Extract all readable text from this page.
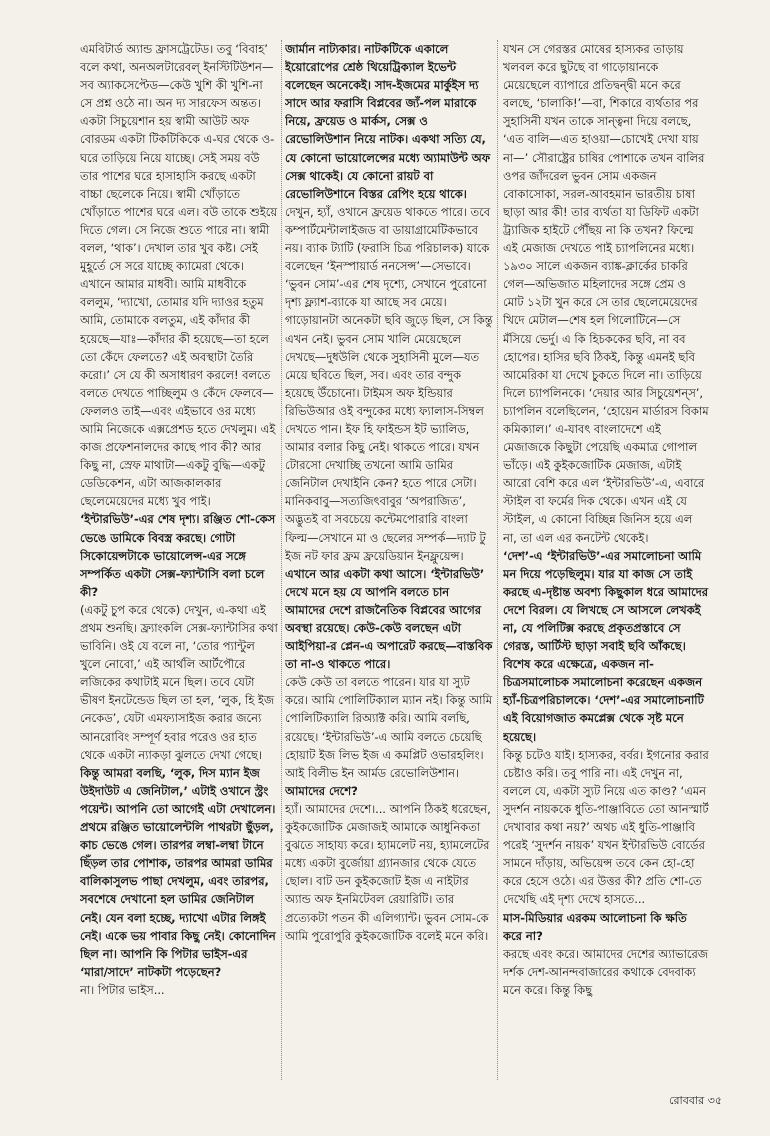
এমবিটার্ড অ্যান্ড ফ্রাসট্রেটেড। তবু ‘বিবাহ’ বলে কথা, অনঅলটারেবল্‌ ইনস্টিটিউশন—সব অ্যাকসেপ্টেড—কেউ খুশি কী খুশি-না সে প্রশ্ন ওঠে না। অন দ্য সারফেস অন্তত। একটা সিচুয়েশান হয় স্বামী আউট অফ বোরডম একটা টিকটিকিকে এ-ঘর থেকে ও-ঘরে তাড়িয়ে নিয়ে যাচ্ছে। সেই সময় বউ তার পাশের ঘরে হাসাহাসি করছে একটা বাচ্চা ছেলেকে নিয়ে। স্বামী খোঁড়াতে খোঁড়াতে পাশের ঘরে এল। বউ তাকে শুইয়ে দিতে গেল। সে নিজে শুতে পারে না। স্বামী বলল, ‘থাক’। দেখাল তার খুব কষ্ট। সেই মুহূর্তে সে সরে যাচ্ছে ক্যামেরা থেকে। এখানে আমার মাধবী। আমি মাধবীকে বললুম, ‘দ্যাখো, তোমার যদি দ্যাওর হতুম আমি, তোমাকে বলতুম, এই কাঁদার কী হয়েছে—যাঃ—কাঁদার কী হয়েছে—তা হলে তো কেঁদে ফেলতে? এই অবস্থাটা তৈরি করো।’ সে যে কী অসাধারণ করলে! বলতে বলতে দেখতে পাচ্ছিলুম ও কেঁদে ফেলবে—ফেললও তাই—এবং এইভাবে ওর মধ্যে আমি নিজেকে এক্সপ্রেশড হতে দেখলুম। এই কাজ প্রফেশনালদের কাছে পাব কী? আর কিছু না, স্রেফ মাথাটা—একটু বুদ্ধি—একটু ডেডিকেশন, এটা আজকালকার ছেলেমেয়েদের মধ্যে খুব পাই।

‘ইন্টারভিউ’-এর শেষ দৃশ্য। রঞ্জিত শো-কেস ভেঙে ডামিকে বিবস্ত্র করছে। গোটা সিকোয়েন্সটাকে ভায়োলেন্স-এর সঙ্গে সম্পর্কিত একটা সেক্স-ফ্যান্টাসি বলা চলে কী?

(একটু চুপ করে থেকে) দেখুন, এ-কথা এই প্রথম শুনছি। ফ্র্যাংকলি সেক্স-ফ্যান্টাসির কথা ভাবিনি। ওই যে বলে না, ‘তোর প্যান্টুল খুলে নোবো,’ এই আর্থলি আর্টপৌরে লজিকের কথাটাই মনে ছিল। তবে যেটা ভীষণ ইনটেন্ডেড ছিল তা হল, ‘লুক, হি ইজ নেকেড’, যেটা এমফ্যাসাইজ করার জন্যে আনরোবিং সম্পূর্ণ হবার পরেও ওর হাত থেকে একটা ন্যাকড়া ঝুলতে দেখা গেছে।

কিন্তু আমরা বলছি, ‘লুক, দিস ম্যান ইজ উইদাউট এ জেনিটাল,’ এটাই ওখানে স্ট্রং পয়েন্ট। আপনি তো আগেই এটা দেখালেন। প্রথমে রঞ্জিত ভায়োলেন্টলি পাথরটা ছুঁড়ল, কাচ ভেঙে গেল। তারপর লম্বা-লম্বা টানে ছিঁড়ল তার পোশাক, তারপর আমরা ডামির বালিকাসুলভ পাছা দেখলুম, এবং তারপর, সবশেষে দেখানো হল ডামির জেনিটাল নেই। যেন বলা হচ্ছে, দ্যাখো এটার লিঙ্গই নেই। একে ভয় পাবার কিছু নেই। কোনোদিন ছিল না। আপনি কি পিটার ভাইস-এর ‘মারা/সাদে’ নাটকটা পড়েছেন?

না। পিটার ভাইস...

জার্মান নাট্যকার। নাটকটিকে একালে ইয়োরোপের শ্রেষ্ঠ থিয়েট্রিক্যাল ইভেন্ট বলেছেন অনেকেই। সাদ-ইজমের মার্কুইস দ্য সাদে আর ফরাসি বিপ্লবের জ্যঁ-পল মারাকে নিয়ে, ফ্রয়েড ও মার্কস, সেক্স ও রেভোলিউশান নিয়ে নাটক। একথা সত্যি যে, যে কোনো ভায়োলেন্সের মধ্যে অ্যামাউন্ট অফ সেক্স থাকেই। যে কোনো রায়ট বা রেভোলিউশানে বিস্তর রেপিং হয়ে থাকে।

দেখুন, হ্যাঁ, ওখানে ফ্রয়েড থাকতে পারে। তবে কম্পার্টমেন্টালাইজড বা ডায়াগ্রামেটিকভাবে নয়। ব্যাক ট্যাটি (ফরাসি চিত্র পরিচালক) যাকে বলেছেন ‘ইনস্পায়ার্ড ননসেন্স’—সেভাবে। ‘ভুবন সোম’-এর শেষ দৃশ্যে, সেখানে পুরোনো দৃশ্য ফ্ল্যাশ-ব্যাকে যা আছে সব মেয়ে। গাড়োয়ানটা অনেকটা ছবি জুড়ে ছিল, সে কিন্তু এখন নেই। ভুবন সোম খালি মেয়েছেলে দেখছে—দুধউলি থেকে সুহাসিনী মুলে—যত মেয়ে ছবিতে ছিল, সব। এবং তার বন্দুক হয়েছে উঁচোনো। টাইমস অফ ইন্ডিয়ার রিভিউআর ওই বন্দুকের মধ্যে ফ্যালাস-সিম্বল দেখতে পান। ইফ হি ফাইন্ডস ইট ভ্যালিড, আমার বলার কিছু নেই। থাকতে পারে। যখন টোরসো দেখাচ্ছি তখনো আমি ডামির জেনিটাল দেখাইনি কেন? হতে পারে সেটা। মানিকবাবু—সত্যজিৎবাবুর ‘অপরাজিত’, অদ্ভুতই বা সবচেয়ে কন্টেমপোরারি বাংলা ফিল্ম—সেখানে মা ও ছেলের সম্পর্ক—দ্যাট টু ইজ নট ফার ফ্রম ফ্রয়েডিয়ান ইনফ্লুয়েন্স।

এখানে আর একটা কথা আসে। ‘ইন্টারভিউ’ দেখে মনে হয় যে আপনি বলতে চান আমাদের দেশে রাজনৈতিক বিপ্লবের আগের অবস্থা রয়েছে। কেউ-কেউ বলছেন এটা আইপিয়া-র প্লেন-এ অপারেট করছে—বাস্তবিক তা না-ও থাকতে পারে।

কেউ কেউ তা বলতে পারেন। যার যা স্যুট করে। আমি পোলিটিক্যাল ম্যান নই। কিন্তু আমি পোলিটিক্যালি রিঅ্যাক্ট করি। আমি বলছি, রয়েছে। ‘ইন্টারভিউ’-এ আমি বলতে চেয়েছি হোয়াট ইজ লিভ ইজ এ কমপ্লিট ওভারহলিং। আই বিলীভ ইন আর্মড রেভোলিউশান।

আমাদের দেশে?

হ্যাঁ। আমাদের দেশে।... আপনি ঠিকই ধরেছেন, কুইকজোটিক মেজাজই আমাকে আধুনিকতা বুঝতে সাহায্য করে। হ্যামলেট নয়, হ্যামলেটের মধ্যে একটা বুর্জোয়া গ্র্যানজার থেকে যেতে ছোল। বাট ডন কুইকজোট ইজ এ নাইটার অ্যান্ড অফ ইনমিটেবল রেয়ারিটি। তার প্রত্যেকটা পতন কী এলিগ্যান্ট। ভুবন সোম-কে আমি পুরোপুরি কুইকজোটিক বলেই মনে করি।

যখন সে গেরস্তর মোষের হাস্যকর তাড়ায় খলবল করে ছুটছে বা গাড়োয়ানকে মেয়েছেলে ব্যাপারে প্রতিদ্বন্দ্বী মনে করে বলছে, ‘চালাকি!’—বা, শিকারে ব্যর্থতার পর সুহাসিনী যখন তাকে সান্ত্বনা দিয়ে বলছে, ‘এত বালি—এত হাওয়া—চোখেই দেখা যায় না—’ সৌরাষ্ট্রের চাষির পোশাকে তখন বালির ওপর জাঁদরেল ভুবন সোম একজন বোকাসোকা, সরল-আবহমান ভারতীয় চাষা ছাড়া আর কী! তার ব্যর্থতা যা ডিফিট একটা ট্র্যাজিক হাইটে পৌঁছয় না কি তখন? ফিল্মে এই মেজাজ দেখতে পাই চ্যাপলিনের মধ্যে। ১৯৩০ সালে একজন ব্যাঙ্ক-ক্লার্কের চাকরি গেল—অভিজাত মহিলাদের সঙ্গে প্রেম ও মোট ১২টা খুন করে সে তার ছেলেমেয়েদের খিদে মেটাল—শেষ হল গিলোটিনে—সে মঁসিয়ে ভের্দু। এ কি হিচককের ছবি, না বব হোপের। হাসির ছবি ঠিকই, কিন্তু এমনই ছবি আমেরিকা যা দেখে চুকতে দিলে না। তাড়িয়ে দিলে চ্যাপলিনকে। ‘দেয়ার আর সিচুয়েশন্‌স’, চ্যাপলিন বলেছিলেন, ‘হোয়েন মার্ডারস বিকাম কমিক্যাল।’ এ-যাবৎ বাংলাদেশে এই মেজাজকে কিছুটা পেয়েছি একমাত্র গোপাল ভাঁড়ে। এই কুইকজোটিক মেজাজ, এটাই আরো বেশি করে এল ‘ইন্টারভিউ’-এ, এবারে স্টাইল বা ফর্মের দিক থেকে। এখন এই যে স্টাইল, এ কোনো বিচ্ছিন্ন জিনিস হয়ে এল না, তা এল এর কনটেন্ট থেকেই।

‘দেশ’-এ ‘ইন্টারভিউ’-এর সমালোচনা আমি মন দিয়ে পড়েছিলুম। যার যা কাজ সে তাই করছে এ-দৃষ্টান্ত অবশ্য কিছুকাল ধরে আমাদের দেশে বিরল। যে লিখছে সে আসলে লেখকই না, যে পলিটিক্স করছে প্রকৃতপ্রস্তাবে সে গেরস্ত, আর্টিস্ট ছাড়া সবাই ছবি আঁকছে। বিশেষ করে এক্ষেত্রে, একজন না-চিত্রসমালোচক সমালোচনা করেছেন একজন হ্যাঁ-চিত্রপরিচালকে। ‘দেশ’-এর সমালোচনাটি এই বিয়োগজাত কমপ্লেক্স থেকে সৃষ্ট মনে হয়েছে।

কিন্তু চটেও যাই। হাস্যকর, বর্বর। ইগনোর করার চেষ্টাও করি। তবু পারি না। এই দেখুন না, বললে যে, একটা স্যুট নিয়ে এত কাণ্ড? ‘এমন সুদর্শন নায়ককে ধুতি-পাঞ্জাবিতে তো আনস্মার্ট দেখাবার কথা নয়?’ অথচ এই ধুতি-পাঞ্জাবি পরেই ‘সুদর্শন নায়ক’ যখন ইন্টারভিউ বোর্ডের সামনে দাঁড়ায়, অভিয়েন্স তবে কেন হো-হো করে হেসে ওঠে। এর উত্তর কী? প্রতি শো-তে দেখেছি এই দৃশ্য দেখে হাসতে...

মাস-মিডিয়ার এরকম আলোচনা কি ক্ষতি করে না?

করছে এবং করে। আমাদের দেশের অ্যাভারেজ দর্শক দেশ-আনন্দবাজারের কথাকে বেদবাক্য মনে করে। কিন্তু কিছু

রোববার ৩৫
